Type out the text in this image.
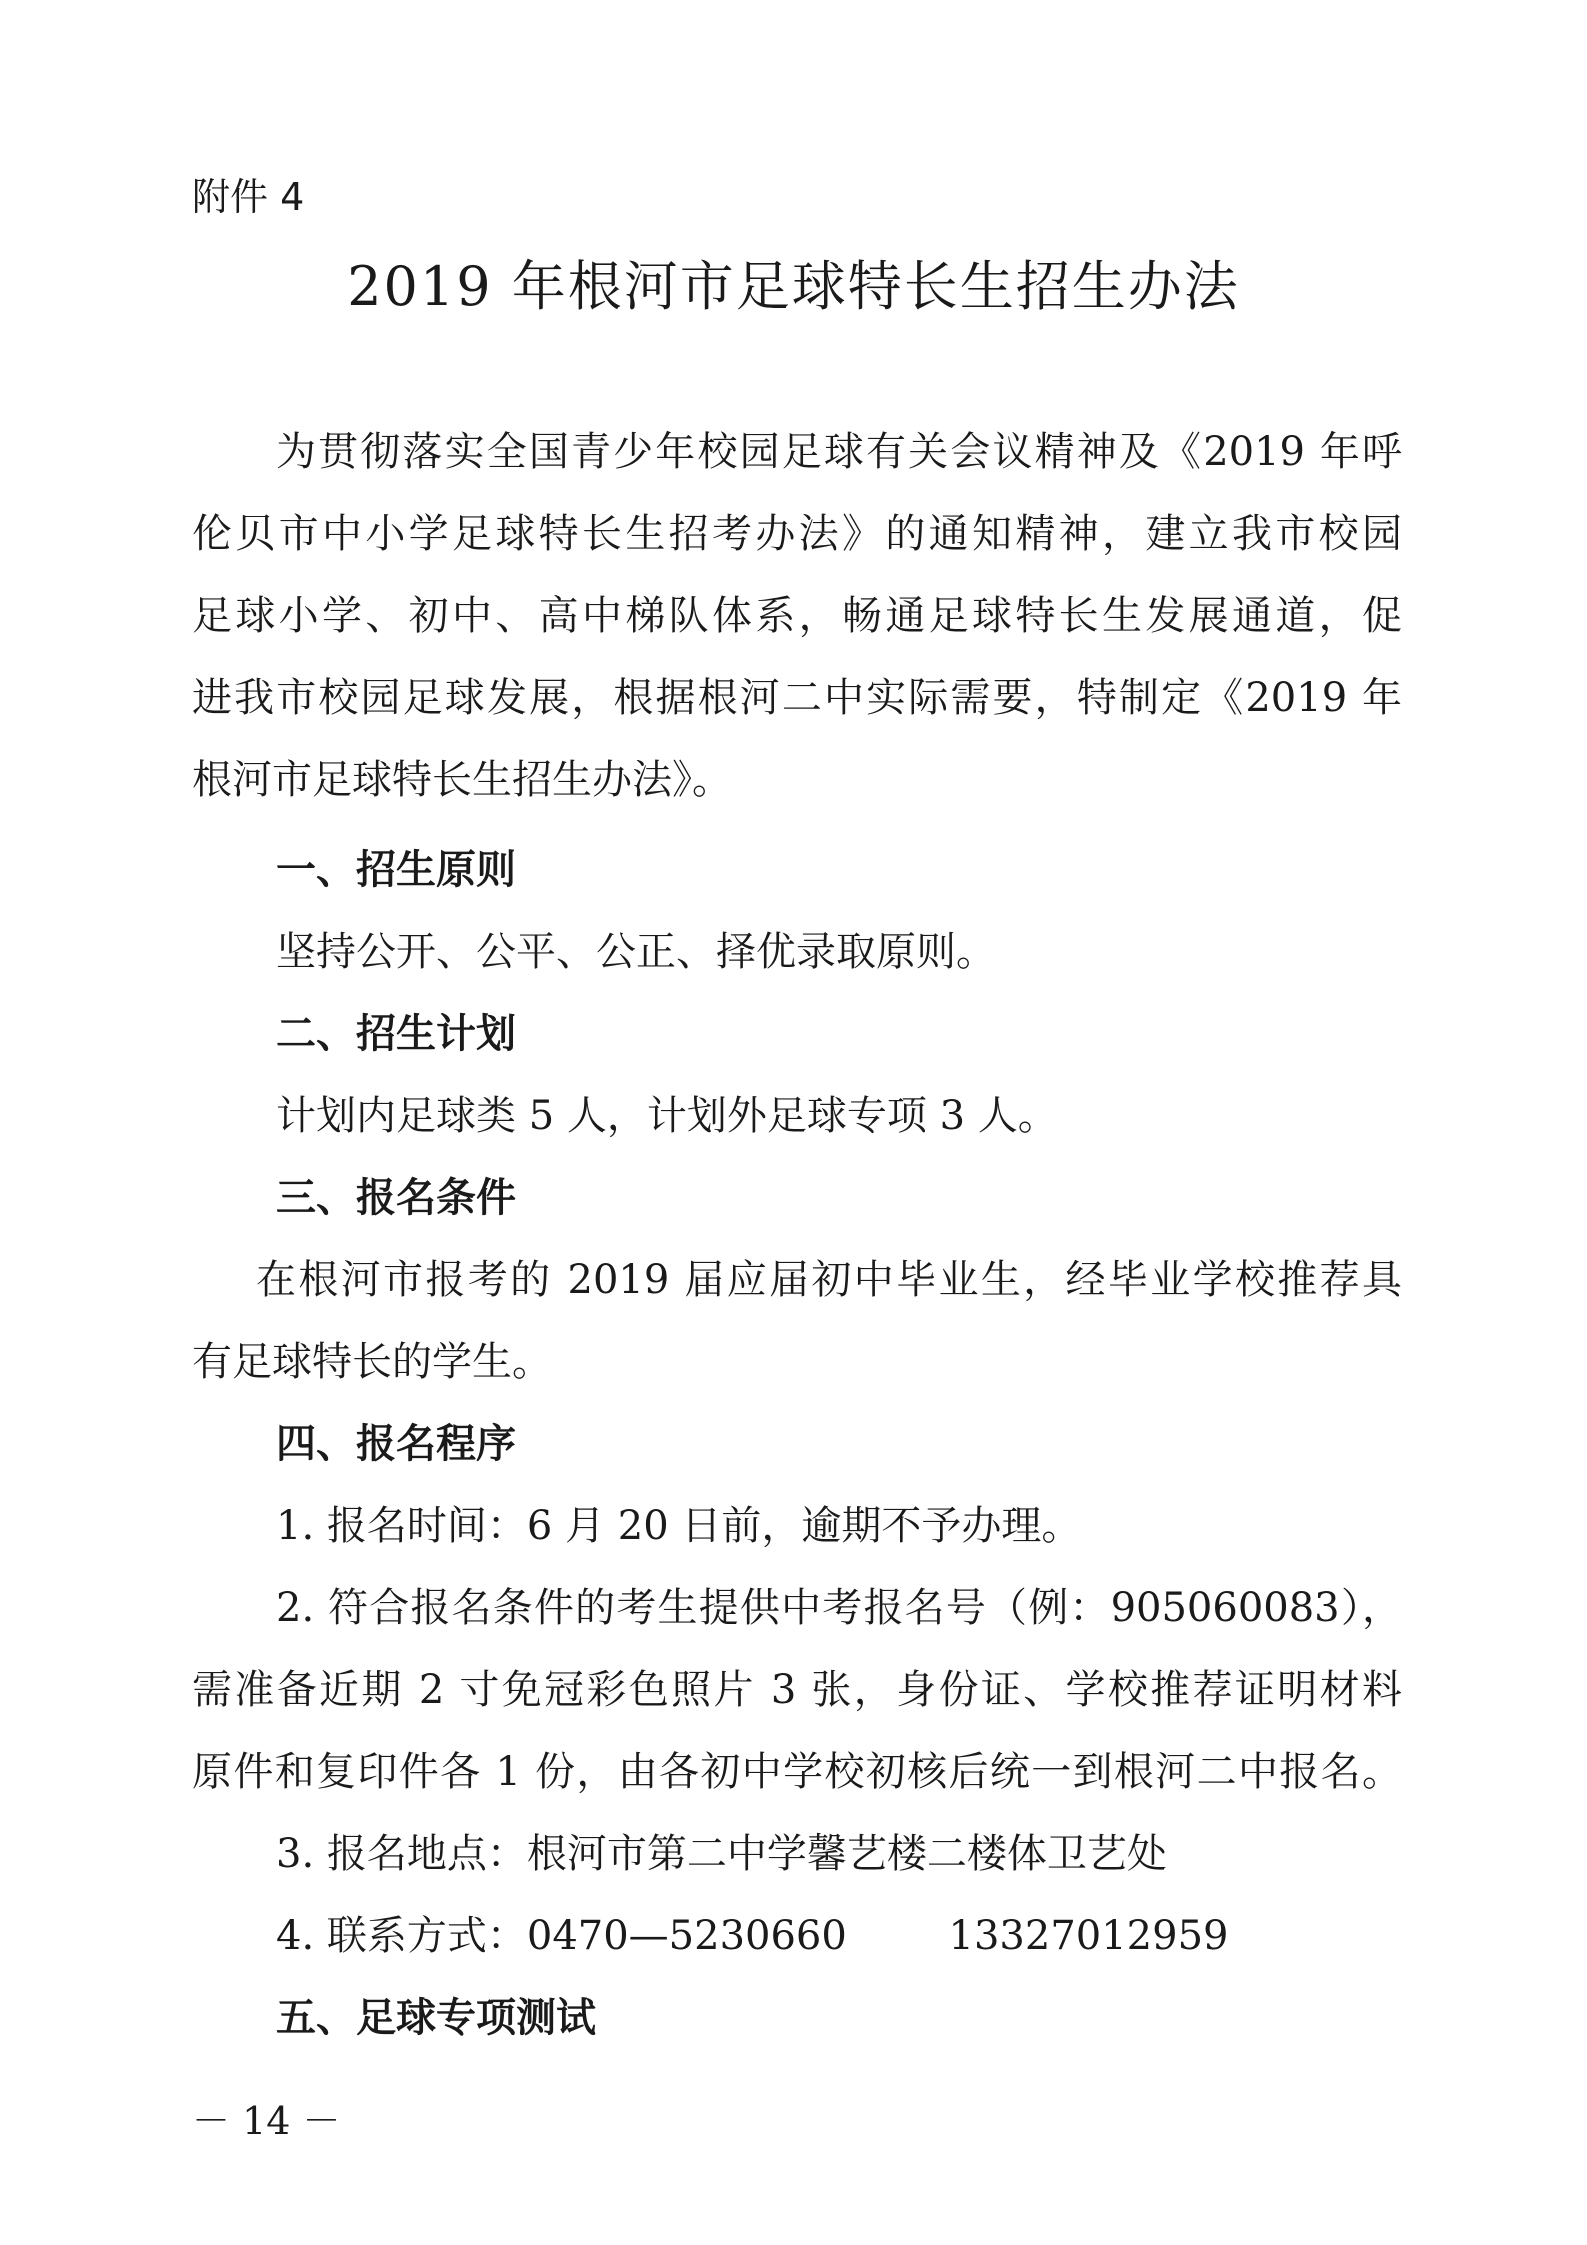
附件 4
2019 年根河市足球特长生招生办法
为贯彻落实全国青少年校园足球有关会议精神及《2019 年呼
伦贝市中小学足球特长生招考办法》的通知精神，建立我市校园
足球小学、初中、高中梯队体系，畅通足球特长生发展通道，促
进我市校园足球发展，根据根河二中实际需要，特制定《2019 年
根河市足球特长生招生办法》。
一、招生原则
坚持公开、公平、公正、择优录取原则。
二、招生计划
计划内足球类 5 人，计划外足球专项 3 人。
三、报名条件
在根河市报考的 2019 届应届初中毕业生，经毕业学校推荐具
有足球特长的学生。
四、报名程序
1. 报名时间：6 月 20 日前，逾期不予办理。
2. 符合报名条件的考生提供中考报名号（例：905060083），
需准备近期 2 寸免冠彩色照片 3 张，身份证、学校推荐证明材料
原件和复印件各 1 份，由各初中学校初核后统一到根河二中报名。
3. 报名地点：根河市第二中学馨艺楼二楼体卫艺处
4. 联系方式：0470—5230660        13327012959
五、足球专项测试
－ 14 －
